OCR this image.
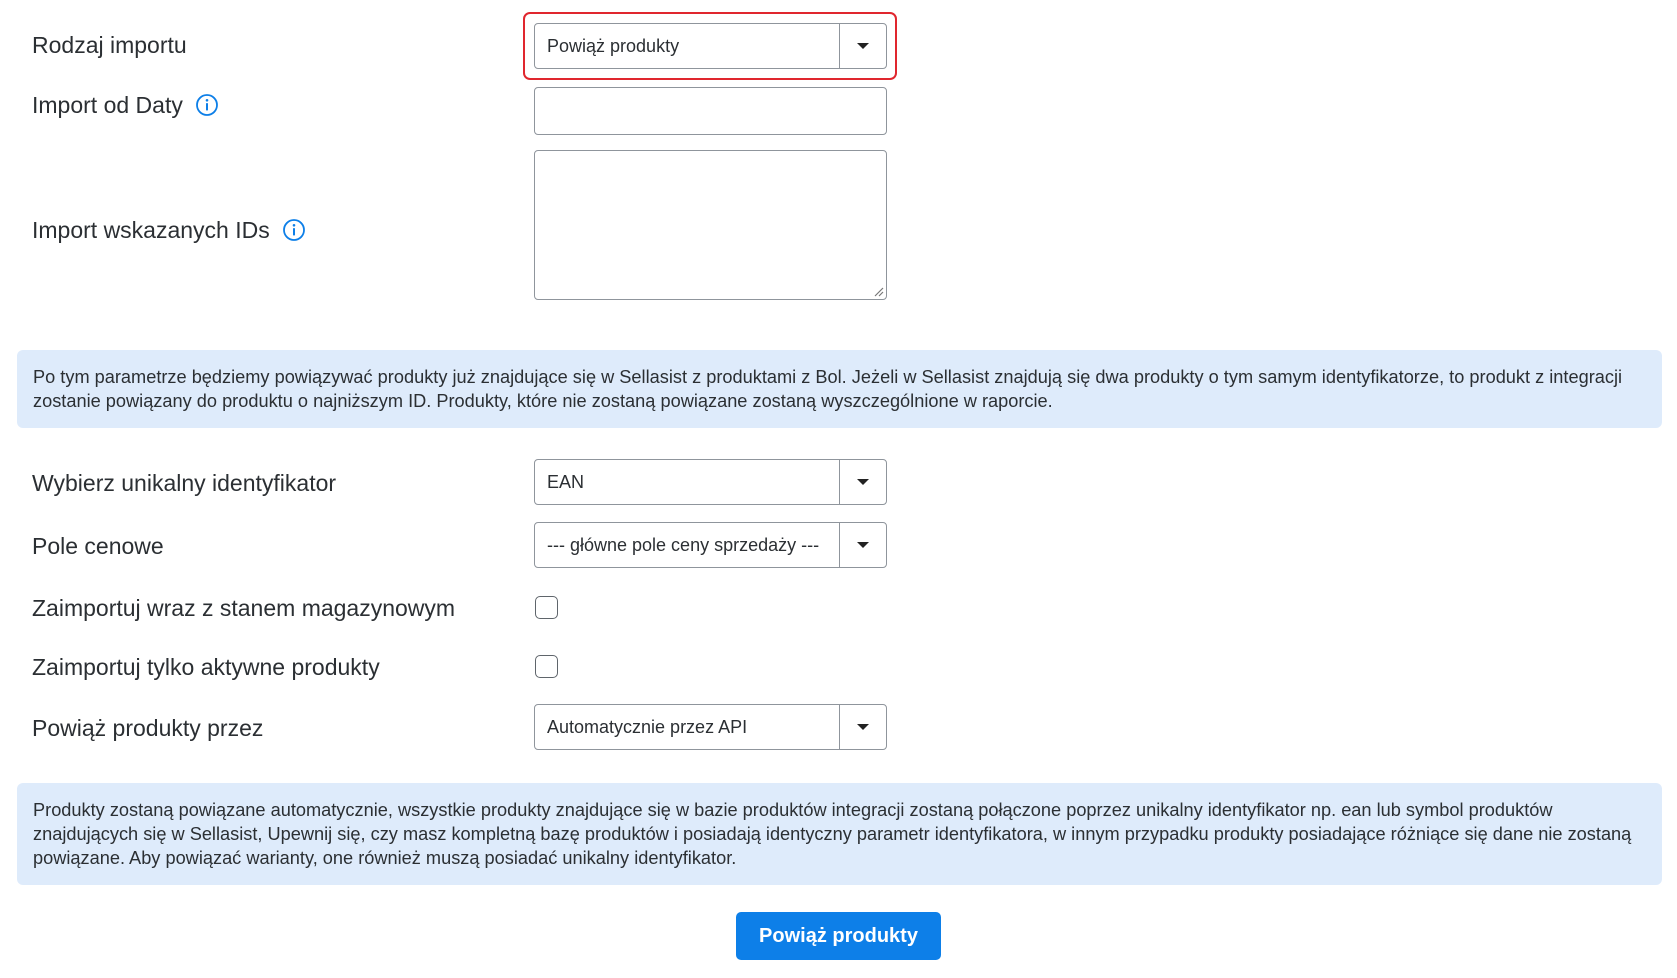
Rodzaj importu	Powiąż produkty
Import od Daty
Import wskazanych IDs
Po tym parametrze będziemy powiązywać produkty już znajdujące się w Sellasist z produktami z Bol. Jeżeli w Sellasist znajdują się dwa produkty o tym samym identyfikatorze, to produkt z integracji zostanie powiązany do produktu o najniższym ID. Produkty, które nie zostaną powiązane zostaną wyszczególnione w raporcie.
Wybierz unikalny identyfikator	EAN
Pole cenowe	--- główne pole ceny sprzedaży ---
Zaimportuj wraz z stanem magazynowym
Zaimportuj tylko aktywne produkty
Powiąż produkty przez	Automatycznie przez API
Produkty zostaną powiązane automatycznie, wszystkie produkty znajdujące się w bazie produktów integracji zostaną połączone poprzez unikalny identyfikator np. ean lub symbol produktów znajdujących się w Sellasist, Upewnij się, czy masz kompletną bazę produktów i posiadają identyczny parametr identyfikatora, w innym przypadku produkty posiadające różniące się dane nie zostaną powiązane. Aby powiązać warianty, one również muszą posiadać unikalny identyfikator.
Powiąż produkty
